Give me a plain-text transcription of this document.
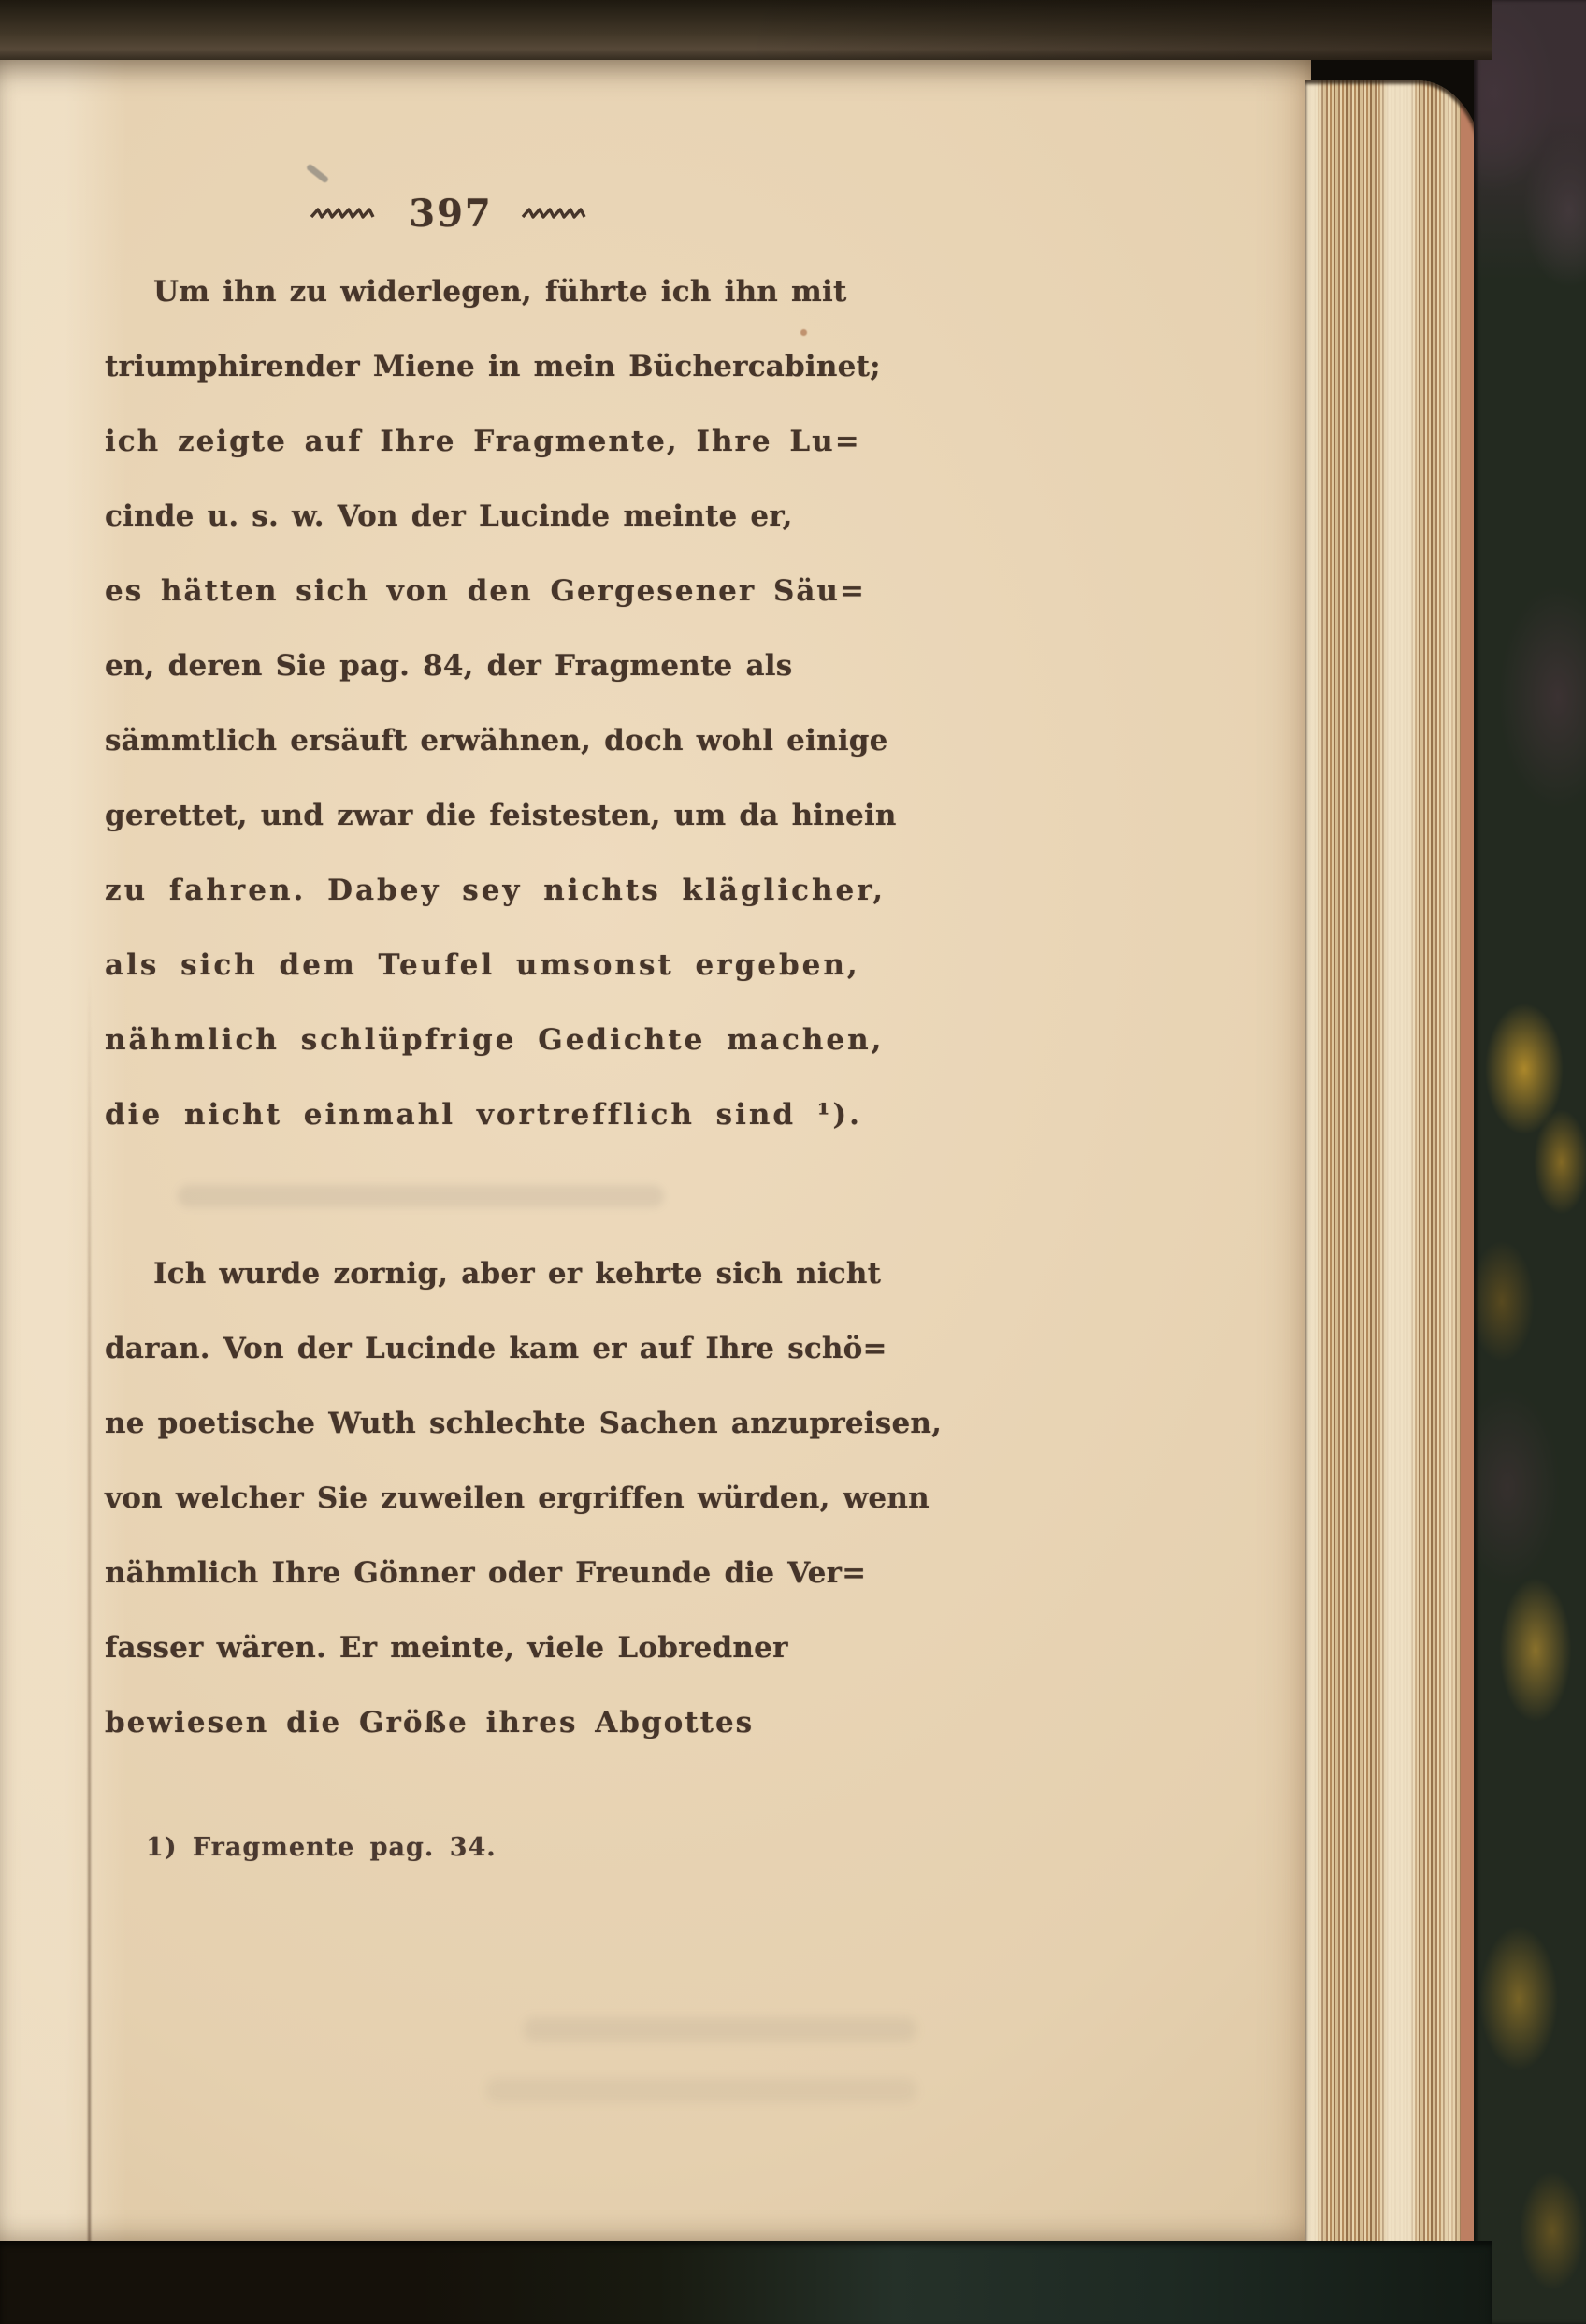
397
Um ihn zu widerlegen, führte ich ihn mit
triumphirender Miene in mein Büchercabinet;
ich zeigte auf Ihre Fragmente, Ihre Lu=
cinde u. s. w. Von der Lucinde meinte er,
es hätten sich von den Gergesener Säu=
en, deren Sie pag. 84, der Fragmente als
sämmtlich ersäuft erwähnen, doch wohl einige
gerettet, und zwar die feistesten, um da hinein
zu fahren. Dabey sey nichts kläglicher,
als sich dem Teufel umsonst ergeben,
nähmlich schlüpfrige Gedichte machen,
die nicht einmahl vortrefflich sind ¹).
Ich wurde zornig, aber er kehrte sich nicht
daran. Von der Lucinde kam er auf Ihre schö=
ne poetische Wuth schlechte Sachen anzupreisen,
von welcher Sie zuweilen ergriffen würden, wenn
nähmlich Ihre Gönner oder Freunde die Ver=
fasser wären. Er meinte, viele Lobredner
bewiesen die Größe ihres Abgottes
1) Fragmente pag. 34.
